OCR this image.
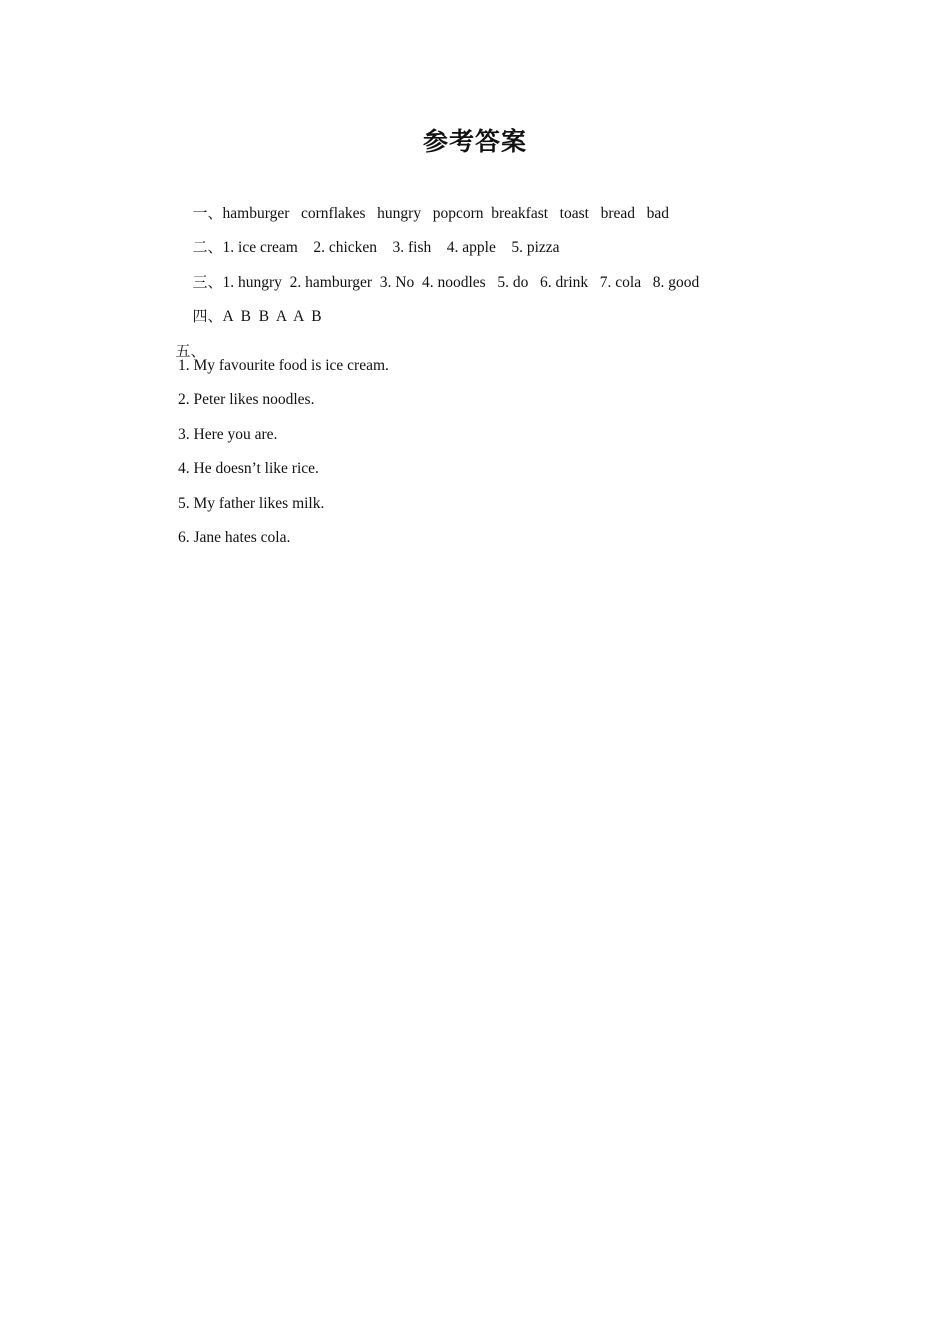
参考答案

一、hamburger   cornflakes   hungry   popcorn  breakfast   toast   bread   bad

二、1. ice cream    2. chicken    3. fish    4. apple    5. pizza

三、1. hungry  2. hamburger  3. No  4. noodles   5. do   6. drink   7. cola   8. good

四、A  B  B  A  A  B

五、

1. My favourite food is ice cream.
2. Peter likes noodles.
3. Here you are.
4. He doesn’t like rice.
5. My father likes milk.
6. Jane hates cola.
